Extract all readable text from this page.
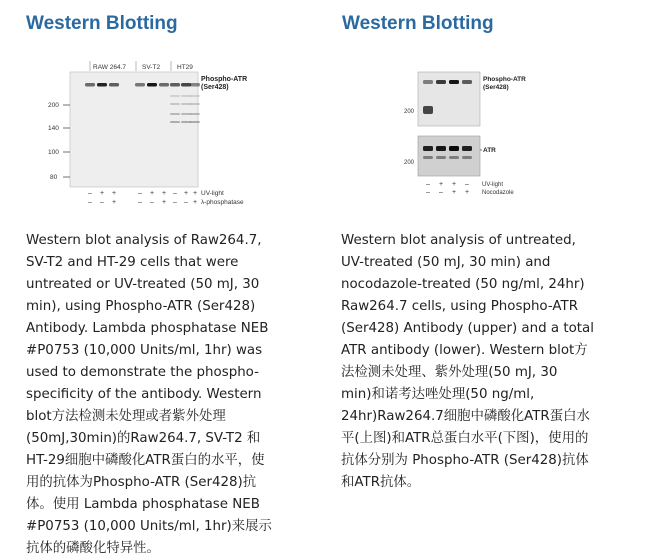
Western Blotting
RAW 264.7 SV-T2	HT29
Phospho-ATR
(Ser428)
200
140
100
80
– + +	– + + – + +
– – +	– – + – – +
UV-light
λ-phosphatase
Western blot analysis of Raw264.7,
SV-T2 and HT-29 cells that were
untreated or UV-treated (50 mJ, 30
min), using Phospho-ATR (Ser428)
Antibody. Lambda phosphatase NEB
#P0753 (10,000 Units/ml, 1hr) was
used to demonstrate the phospho-
specificity of the antibody. Western
blot方法检测未处理或者紫外处理
(50mJ,30min)的Raw264.7, SV-T2 和
HT-29细胞中磷酸化ATR蛋白的水平，使
用的抗体为Phospho-ATR (Ser428)抗
体。使用 Lambda phosphatase NEB
#P0753 (10,000 Units/ml, 1hr)来展示
抗体的磷酸化特异性。
Western Blotting
Phospho-ATR
(Ser428)
ATR
200
200
– + + –
– – + +
UV-light
Nocodazole
Western blot analysis of untreated,
UV-treated (50 mJ, 30 min) and
nocodazole-treated (50 ng/ml, 24hr)
Raw264.7 cells, using Phospho-ATR
(Ser428) Antibody (upper) and a total
ATR antibody (lower). Western blot方
法检测未处理、紫外处理(50 mJ, 30
min)和诺考达唑处理(50 ng/ml,
24hr)Raw264.7细胞中磷酸化ATR蛋白水
平(上图)和ATR总蛋白水平(下图)，使用的
抗体分别为 Phospho-ATR (Ser428)抗体
和ATR抗体。
